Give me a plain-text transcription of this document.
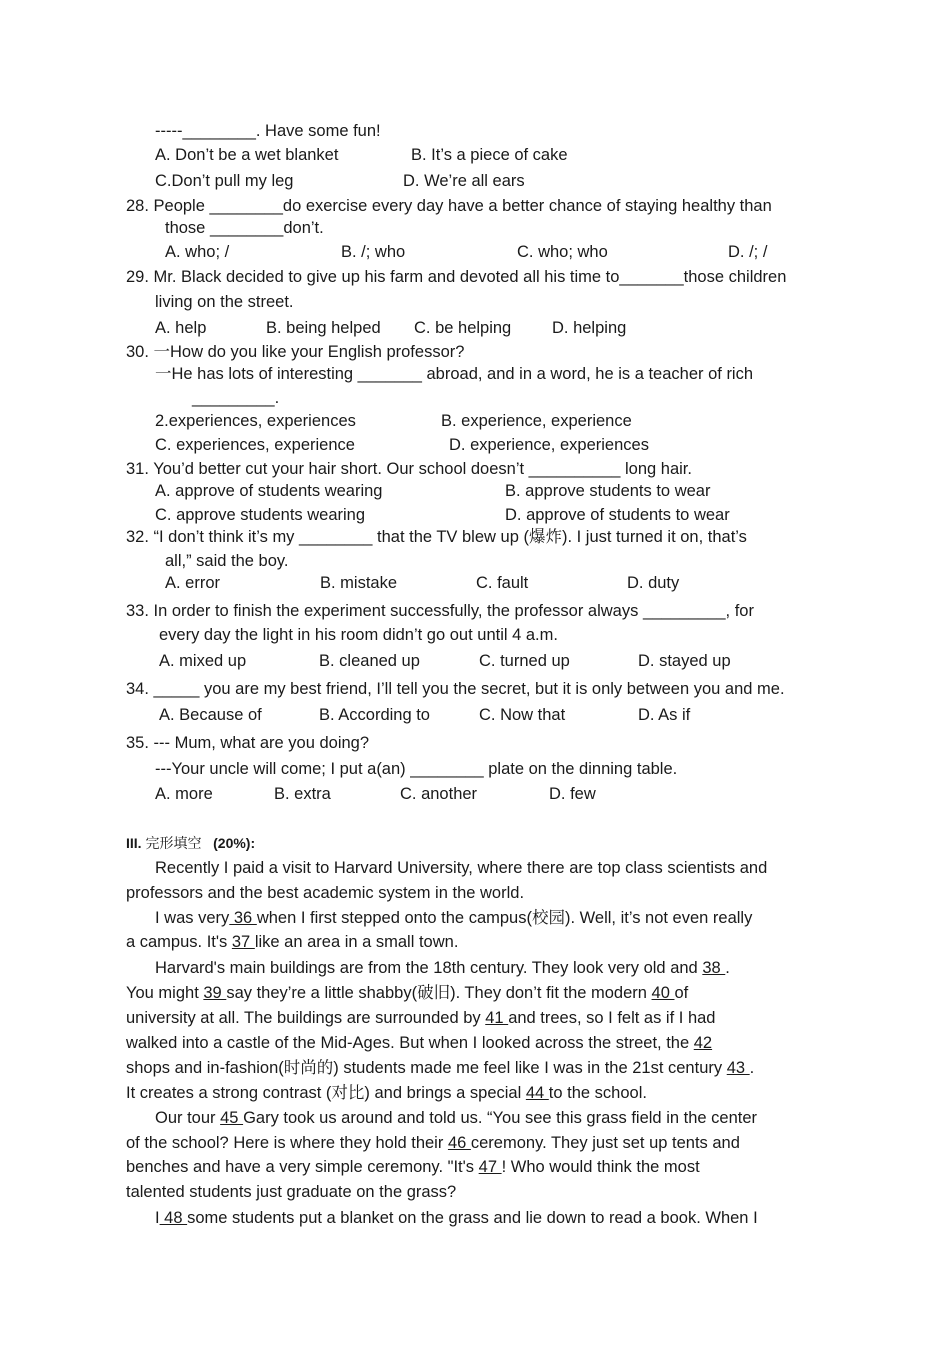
-----________. Have some fun!
A. Don’t be a wet blanket	B. It’s a piece of cake
C.Don’t pull my leg	D. We’re all ears
28. People ________do exercise every day have a better chance of staying healthy than
those ________don’t.
A. who; /	B. /; who	C. who; who	D. /; /
29. Mr. Black decided to give up his farm and devoted all his time to_______those children
living on the street.
A. help	B. being helped C. be helping D. helping
30. 一How do you like your English professor?
一He has lots of interesting _______ abroad, and in a word, he is a teacher of rich
_________.
2.experiences, experiences	B. experience, experience
C. experiences, experience	D. experience, experiences
31. You’d better cut your hair short. Our school doesn’t __________ long hair.
A. approve of students wearing	B. approve students to wear
C. approve students wearing	D. approve of students to wear
32. “I don’t think it’s my ________ that the TV blew up (爆炸). I just turned it on, that’s
all,” said the boy.
A. error	B. mistake	C. fault	D. duty
33. In order to finish the experiment successfully, the professor always _________, for
every day the light in his room didn’t go out until 4 a.m.
A. mixed up	B. cleaned up	C. turned up	D. stayed up
34. _____ you are my best friend, I’ll tell you the secret, but it is only between you and me.
A. Because of	B. According to	C. Now that	D. As if
35. --- Mum, what are you doing?
---Your uncle will come; I put a(an) ________ plate on the dinning table.
A. more	B. extra	C. another	D. few
III. 完形填空 (20%):
Recently I paid a visit to Harvard University, where there are top class scientists and
professors and the best academic system in the world.
I was very 36 when I first stepped onto the campus(校园). Well, it’s not even really
a campus. It's 37 like an area in a small town.
Harvard's main buildings are from the 18th century. They look very old and 38 .
You might 39 say they’re a little shabby(破旧). They don’t fit the modern 40 of
university at all. The buildings are surrounded by 41 and trees, so I felt as if I had
walked into a castle of the Mid-Ages. But when I looked across the street, the 42
shops and in-fashion(时尚的) students made me feel like I was in the 21st century 43 .
It creates a strong contrast (对比) and brings a special 44 to the school.
Our tour 45 Gary took us around and told us. “You see this grass field in the center
of the school? Here is where they hold their 46 ceremony. They just set up tents and
benches and have a very simple ceremony. "It's 47 ! Who would think the most
talented students just graduate on the grass?
I 48 some students put a blanket on the grass and lie down to read a book. When I
